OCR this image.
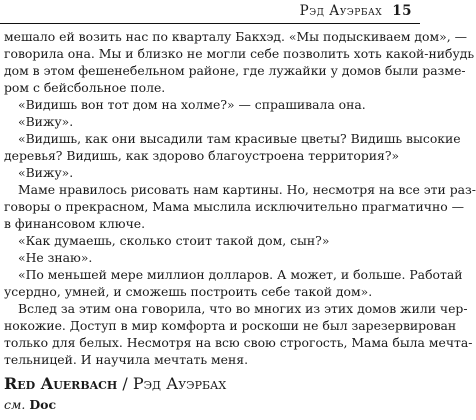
Рэд Ауэрбах 15
мешало ей возить нас по кварталу Бакхэд. «Мы подыскиваем дом», —
говорила она. Мы и близко не могли себе позволить хоть какой-нибудь
дом в этом фешенебельном районе, где лужайки у домов были разме-
ром с бейсбольное поле.
«Видишь вон тот дом на холме?» — спрашивала она.
«Вижу».
«Видишь, как они высадили там красивые цветы? Видишь высокие
деревья? Видишь, как здорово благоустроена территория?»
«Вижу».
Маме нравилось рисовать нам картины. Но, несмотря на все эти раз-
говоры о прекрасном, Мама мыслила исключительно прагматично —
в финансовом ключе.
«Как думаешь, сколько стоит такой дом, сын?»
«Не знаю».
«По меньшей мере миллион долларов. А может, и больше. Работай
усердно, умней, и сможешь построить себе такой дом».
Red Auerbach / Рэд Ауэрбах
см. Doc
Вслед за этим она говорила, что во многих из этих домов жили чер-
нокожие. Доступ в мир комфорта и роскоши не был зарезервирован
только для белых. Несмотря на всю свою строгость, Мама была мечта-
тельницей. И научила мечтать меня.
